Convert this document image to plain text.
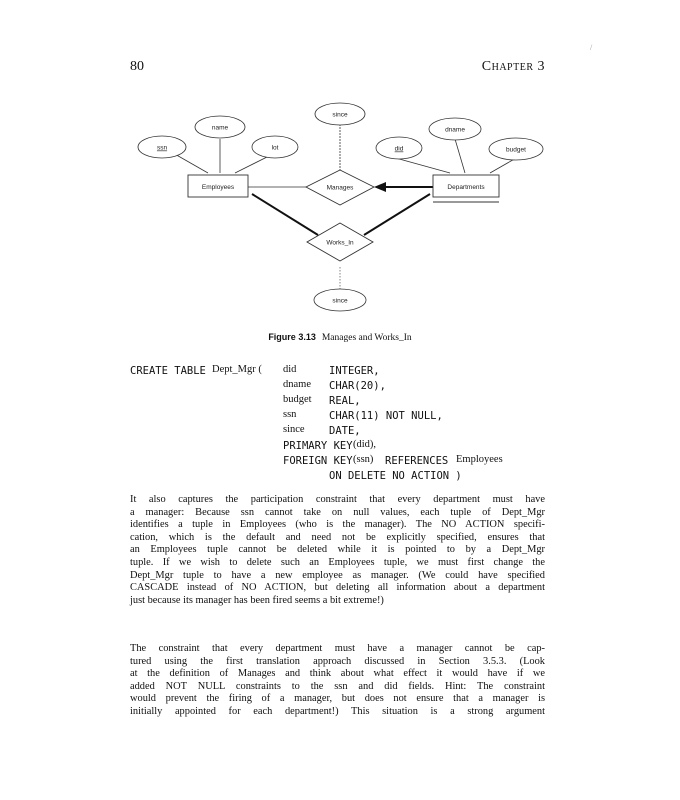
80	Chapter 3
/
name
ssn	lot
since
dname
did	budget
since
Employees	Departments
Manages
Works_In
Figure 3.13 Manages and Works_In
CREATE TABLE Dept_Mgr ( did	INTEGER,
dname CHAR(20),
budget REAL,
ssn	CHAR(11) NOT NULL,
since DATE,
PRIMARY KEY (did),
FOREIGN KEY (ssn) REFERENCES Employees
ON DELETE NO ACTION )
It also captures the participation constraint that every department must have
a manager: Because ssn cannot take on null values, each tuple of Dept_Mgr
identifies a tuple in Employees (who is the manager). The NO ACTION specifi-
cation, which is the default and need not be explicitly specified, ensures that
an Employees tuple cannot be deleted while it is pointed to by a Dept_Mgr
tuple. If we wish to delete such an Employees tuple, we must first change the
Dept_Mgr tuple to have a new employee as manager. (We could have specified
CASCADE instead of NO ACTION, but deleting all information about a department
just because its manager has been fired seems a bit extreme!)
The constraint that every department must have a manager cannot be cap-
tured using the first translation approach discussed in Section 3.5.3. (Look
at the definition of Manages and think about what effect it would have if we
added NOT NULL constraints to the ssn and did fields. Hint: The constraint
would prevent the firing of a manager, but does not ensure that a manager is
initially appointed for each department!) This situation is a strong argument
